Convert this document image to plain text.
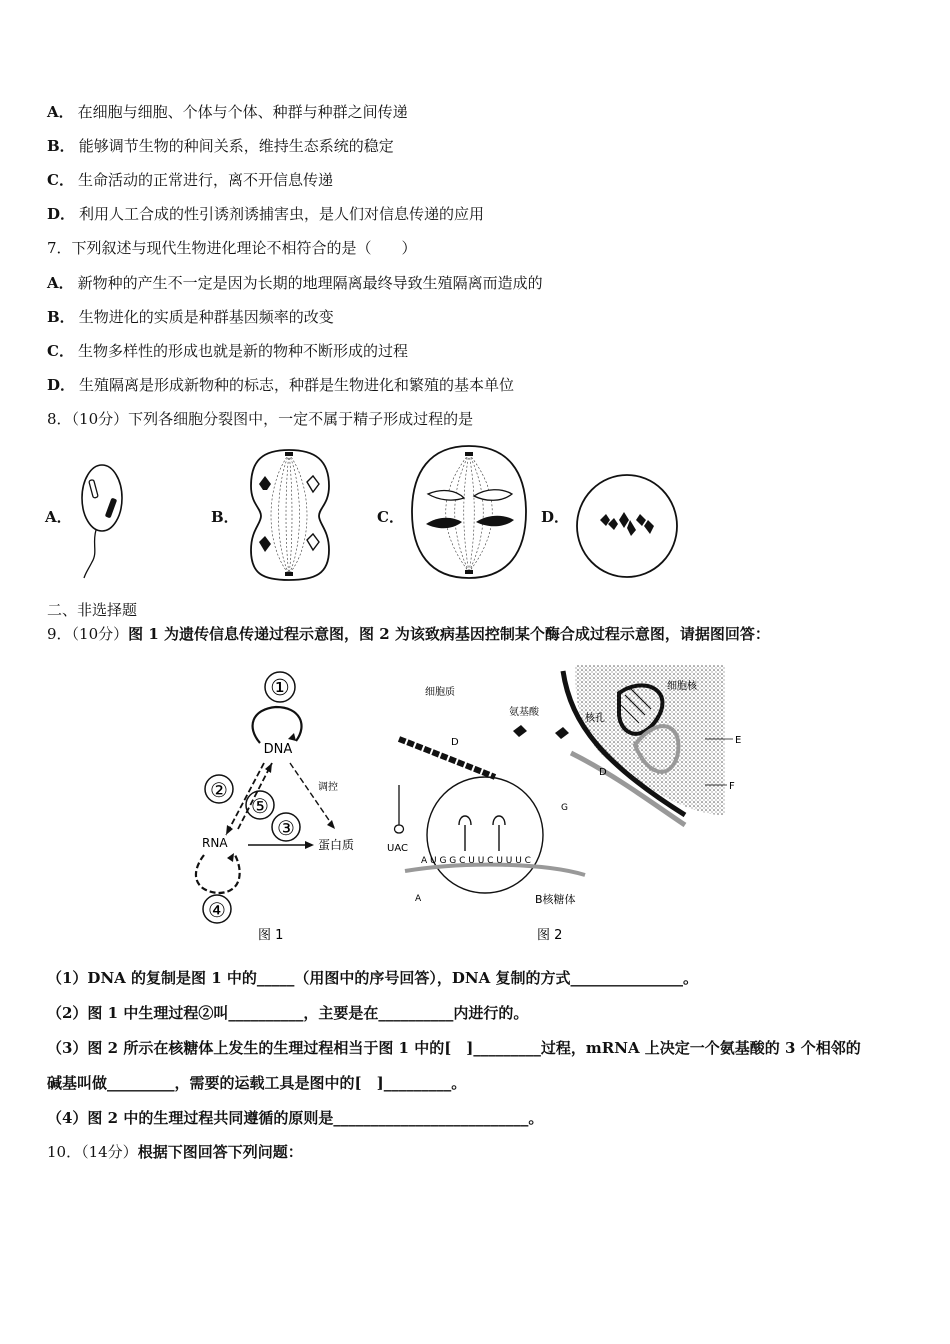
A． 在细胞与细胞、个体与个体、种群与种群之间传递
B． 能够调节生物的种间关系，维持生态系统的稳定
C． 生命活动的正常进行，离不开信息传递
D． 利用人工合成的性引诱剂诱捕害虫，是人们对信息传递的应用
7．下列叙述与现代生物进化理论不相符合的是（　　）
A． 新物种的产生不一定是因为长期的地理隔离最终导致生殖隔离而造成的
B． 生物进化的实质是种群基因频率的改变
C． 生物多样性的形成也就是新的物种不断形成的过程
D． 生殖隔离是形成新物种的标志，种群是生物进化和繁殖的基本单位
8．（10分）下列各细胞分裂图中，一定不属于精子形成过程的是
A．	B．	C．	D．
二、非选择题
9．（10分）图 1 为遗传信息传递过程示意图，图 2 为该致病基因控制某个酶合成过程示意图，请据图回答：
①
DNA
调控
②
⑤
③
RNA	蛋白质
④
图 1
细胞质
氨基酸
细胞核
核孔
D
E
F
D
UAC
G
A U G G C U U C U U U C
A	B核糖体
图 2
（1）DNA 的复制是图 1 中的_____（用图中的序号回答），DNA 复制的方式_______________。
（2）图 1 中生理过程②叫__________，主要是在__________内进行的。
（3）图 2 所示在核糖体上发生的生理过程相当于图 1 中的[　]_________过程，mRNA 上决定一个氨基酸的 3 个相邻的
碱基叫做_________，需要的运载工具是图中的[　]_________。
（4）图 2 中的生理过程共同遵循的原则是__________________________。
10．（14分）根据下图回答下列问题：
